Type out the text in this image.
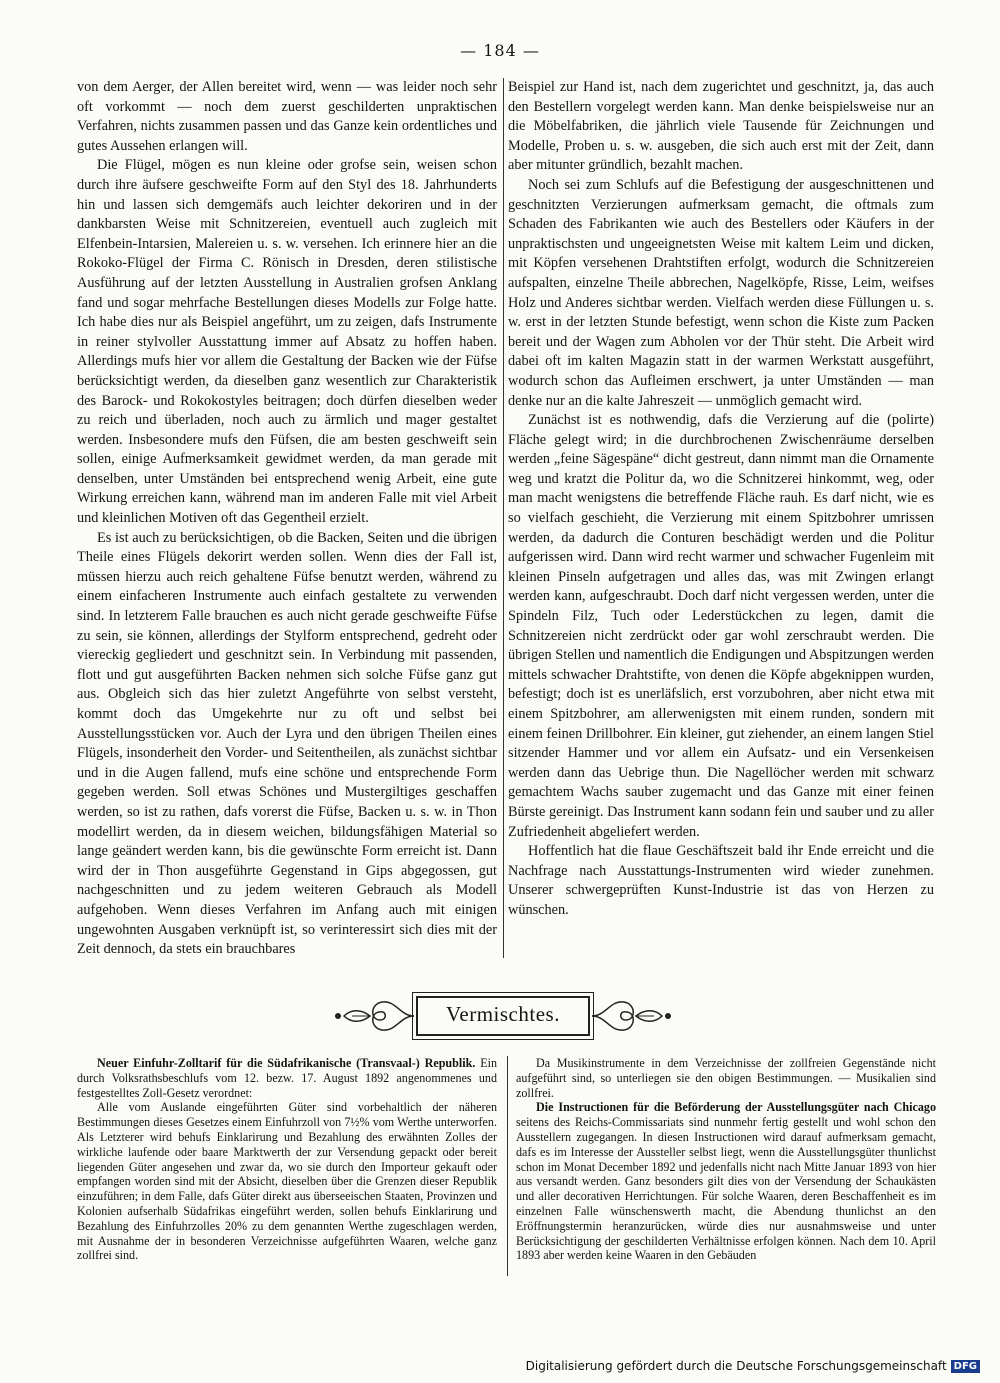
— 184 —

von dem Aerger, der Allen bereitet wird, wenn — was leider noch sehr oft vorkommt — noch dem zuerst geschilderten unpraktischen Verfahren, nichts zusammen passen und das Ganze kein ordentliches und gutes Aussehen erlangen will.

Die Flügel, mögen es nun kleine oder grofse sein, weisen schon durch ihre äufsere geschweifte Form auf den Styl des 18. Jahrhunderts hin und lassen sich demgemäfs auch leichter dekoriren und in der dankbarsten Weise mit Schnitzereien, eventuell auch zugleich mit Elfenbein-Intarsien, Malereien u. s. w. versehen. Ich erinnere hier an die Rokoko-Flügel der Firma C. Rönisch in Dresden, deren stilistische Ausführung auf der letzten Ausstellung in Australien grofsen Anklang fand und sogar mehrfache Bestellungen dieses Modells zur Folge hatte. Ich habe dies nur als Beispiel angeführt, um zu zeigen, dafs Instrumente in reiner stylvoller Ausstattung immer auf Absatz zu hoffen haben. Allerdings mufs hier vor allem die Gestaltung der Backen wie der Füfse berücksichtigt werden, da dieselben ganz wesentlich zur Charakteristik des Barock- und Rokokostyles beitragen; doch dürfen dieselben weder zu reich und überladen, noch auch zu ärmlich und mager gestaltet werden. Insbesondere mufs den Füfsen, die am besten geschweift sein sollen, einige Aufmerksamkeit gewidmet werden, da man gerade mit denselben, unter Umständen bei entsprechend wenig Arbeit, eine gute Wirkung erreichen kann, während man im anderen Falle mit viel Arbeit und kleinlichen Motiven oft das Gegentheil erzielt.

Es ist auch zu berücksichtigen, ob die Backen, Seiten und die übrigen Theile eines Flügels dekorirt werden sollen. Wenn dies der Fall ist, müssen hierzu auch reich gehaltene Füfse benutzt werden, während zu einem einfacheren Instrumente auch einfach gestaltete zu verwenden sind. In letzterem Falle brauchen es auch nicht gerade geschweifte Füfse zu sein, sie können, allerdings der Stylform entsprechend, gedreht oder viereckig gegliedert und geschnitzt sein. In Verbindung mit passenden, flott und gut ausgeführten Backen nehmen sich solche Füfse ganz gut aus. Obgleich sich das hier zuletzt Angeführte von selbst versteht, kommt doch das Umgekehrte nur zu oft und selbst bei Ausstellungsstücken vor. Auch der Lyra und den übrigen Theilen eines Flügels, insonderheit den Vorder- und Seitentheilen, als zunächst sichtbar und in die Augen fallend, mufs eine schöne und entsprechende Form gegeben werden. Soll etwas Schönes und Mustergiltiges geschaffen werden, so ist zu rathen, dafs vorerst die Füfse, Backen u. s. w. in Thon modellirt werden, da in diesem weichen, bildungsfähigen Material so lange geändert werden kann, bis die gewünschte Form erreicht ist. Dann wird der in Thon ausgeführte Gegenstand in Gips abgegossen, gut nachgeschnitten und zu jedem weiteren Gebrauch als Modell aufgehoben. Wenn dieses Verfahren im Anfang auch mit einigen ungewohnten Ausgaben verknüpft ist, so verinteressirt sich dies mit der Zeit dennoch, da stets ein brauchbares

Beispiel zur Hand ist, nach dem zugerichtet und geschnitzt, ja, das auch den Bestellern vorgelegt werden kann. Man denke beispielsweise nur an die Möbelfabriken, die jährlich viele Tausende für Zeichnungen und Modelle, Proben u. s. w. ausgeben, die sich auch erst mit der Zeit, dann aber mitunter gründlich, bezahlt machen.

Noch sei zum Schlufs auf die Befestigung der ausgeschnittenen und geschnitzten Verzierungen aufmerksam gemacht, die oftmals zum Schaden des Fabrikanten wie auch des Bestellers oder Käufers in der unpraktischsten und ungeeignetsten Weise mit kaltem Leim und dicken, mit Köpfen versehenen Drahtstiften erfolgt, wodurch die Schnitzereien aufspalten, einzelne Theile abbrechen, Nagelköpfe, Risse, Leim, weifses Holz und Anderes sichtbar werden. Vielfach werden diese Füllungen u. s. w. erst in der letzten Stunde befestigt, wenn schon die Kiste zum Packen bereit und der Wagen zum Abholen vor der Thür steht. Die Arbeit wird dabei oft im kalten Magazin statt in der warmen Werkstatt ausgeführt, wodurch schon das Aufleimen erschwert, ja unter Umständen — man denke nur an die kalte Jahreszeit — unmöglich gemacht wird.

Zunächst ist es nothwendig, dafs die Verzierung auf die (polirte) Fläche gelegt wird; in die durchbrochenen Zwischenräume derselben werden „feine Sägespäne“ dicht gestreut, dann nimmt man die Ornamente weg und kratzt die Politur da, wo die Schnitzerei hinkommt, weg, oder man macht wenigstens die betreffende Fläche rauh. Es darf nicht, wie es so vielfach geschieht, die Verzierung mit einem Spitzbohrer umrissen werden, da dadurch die Conturen beschädigt werden und die Politur aufgerissen wird. Dann wird recht warmer und schwacher Fugenleim mit kleinen Pinseln aufgetragen und alles das, was mit Zwingen erlangt werden kann, aufgeschraubt. Doch darf nicht vergessen werden, unter die Spindeln Filz, Tuch oder Lederstückchen zu legen, damit die Schnitzereien nicht zerdrückt oder gar wohl zerschraubt werden. Die übrigen Stellen und namentlich die Endigungen und Abspitzungen werden mittels schwacher Drahtstifte, von denen die Köpfe abgeknippen wurden, befestigt; doch ist es unerläfslich, erst vorzubohren, aber nicht etwa mit einem Spitzbohrer, am allerwenigsten mit einem runden, sondern mit einem feinen Drillbohrer. Ein kleiner, gut ziehender, an einem langen Stiel sitzender Hammer und vor allem ein Aufsatz- und ein Versenkeisen werden dann das Uebrige thun. Die Nagellöcher werden mit schwarz gemachtem Wachs sauber zugemacht und das Ganze mit einer feinen Bürste gereinigt. Das Instrument kann sodann fein und sauber und zu aller Zufriedenheit abgeliefert werden.

Hoffentlich hat die flaue Geschäftszeit bald ihr Ende erreicht und die Nachfrage nach Ausstattungs-Instrumenten wird wieder zunehmen. Unserer schwergeprüften Kunst-Industrie ist das von Herzen zu wünschen.

Vermischtes.

Neuer Einfuhr-Zolltarif für die Südafrikanische (Transvaal-) Republik. Ein durch Volksrathsbeschlufs vom 12. bezw. 17. August 1892 angenommenes und festgestelltes Zoll-Gesetz verordnet:

Alle vom Auslande eingeführten Güter sind vorbehaltlich der näheren Bestimmungen dieses Gesetzes einem Einfuhrzoll von 7½% vom Werthe unterworfen. Als Letzterer wird behufs Einklarirung und Bezahlung des erwähnten Zolles der wirkliche laufende oder baare Marktwerth der zur Versendung gepackt oder bereit liegenden Güter angesehen und zwar da, wo sie durch den Importeur gekauft oder empfangen worden sind mit der Absicht, dieselben über die Grenzen dieser Republik einzuführen; in dem Falle, dafs Güter direkt aus überseeischen Staaten, Provinzen und Kolonien aufserhalb Südafrikas eingeführt werden, sollen behufs Einklarirung und Bezahlung des Einfuhrzolles 20% zu dem genannten Werthe zugeschlagen werden, mit Ausnahme der in besonderen Verzeichnisse aufgeführten Waaren, welche ganz zollfrei sind.

Da Musikinstrumente in dem Verzeichnisse der zollfreien Gegenstände nicht aufgeführt sind, so unterliegen sie den obigen Bestimmungen. — Musikalien sind zollfrei.

Die Instructionen für die Beförderung der Ausstellungsgüter nach Chicago seitens des Reichs-Commissariats sind nunmehr fertig gestellt und wohl schon den Ausstellern zugegangen. In diesen Instructionen wird darauf aufmerksam gemacht, dafs es im Interesse der Aussteller selbst liegt, wenn die Ausstellungsgüter thunlichst schon im Monat December 1892 und jedenfalls nicht nach Mitte Januar 1893 von hier aus versandt werden. Ganz besonders gilt dies von der Versendung der Schaukästen und aller decorativen Herrichtungen. Für solche Waaren, deren Beschaffenheit es im einzelnen Falle wünschenswerth macht, die Abendung thunlichst an den Eröffnungstermin heranzurücken, würde dies nur ausnahmsweise und unter Berücksichtigung der geschilderten Verhältnisse erfolgen können. Nach dem 10. April 1893 aber werden keine Waaren in den Gebäuden

Digitalisierung gefördert durch die Deutsche Forschungsgemeinschaft DFG
